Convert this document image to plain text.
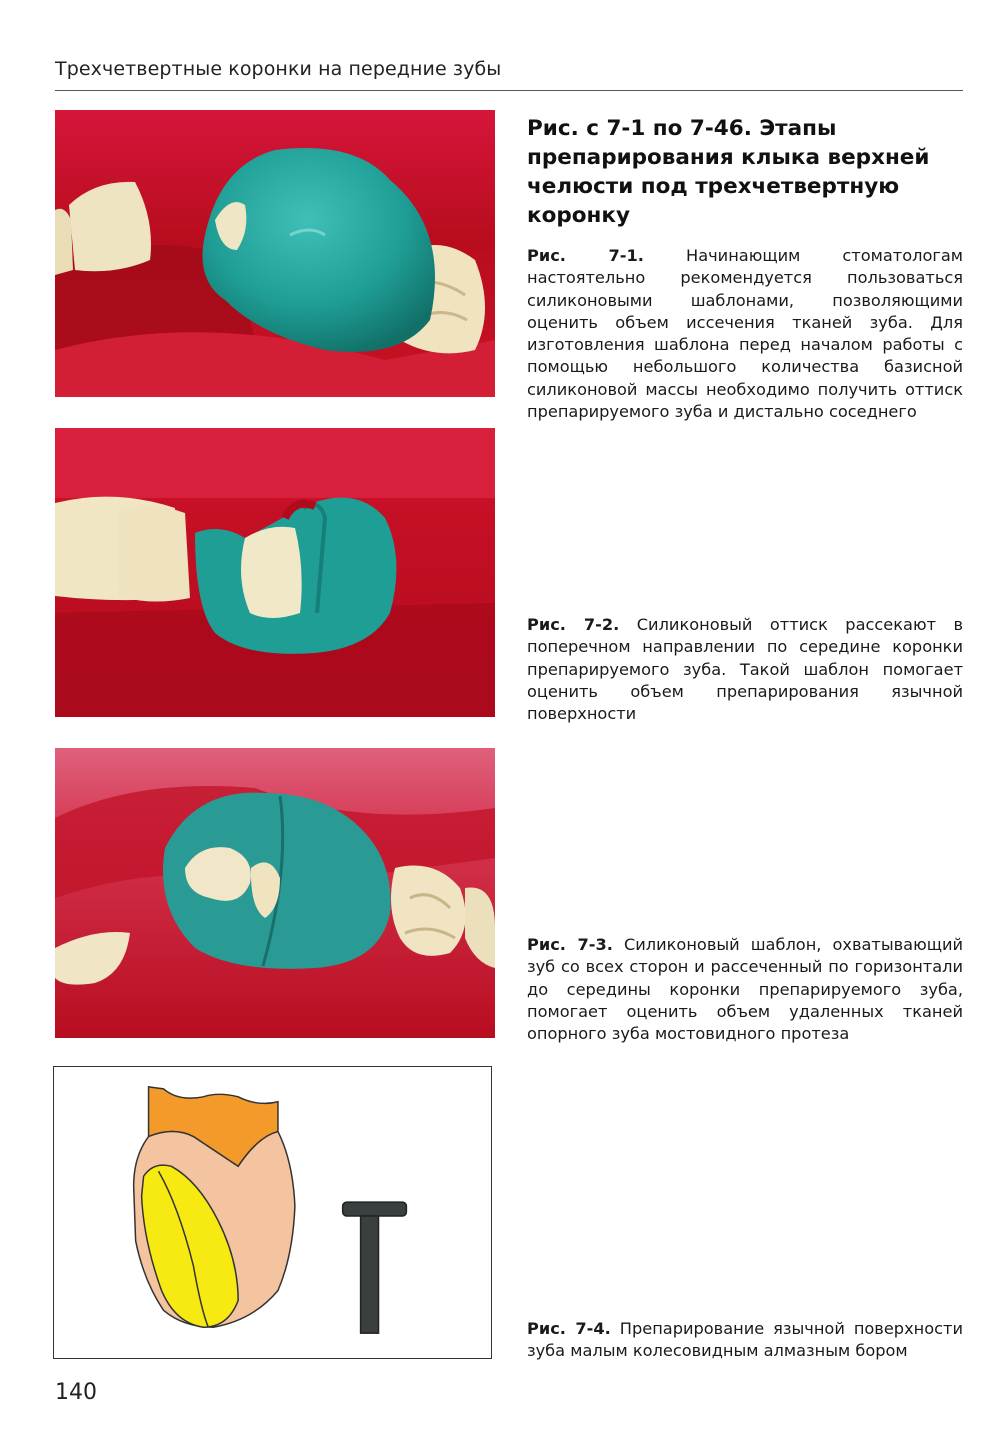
Трехчетвертные коронки на передние зубы
Рис. с 7-1 по 7-46. Этапы препарирования клыка верхней челюсти под трехчетвертную коронку
Рис. 7-1.	Начинающим стоматологам настоятельно рекомендуется пользоваться силиконовыми шаблонами, позволяющими оценить объем иссечения тканей зуба. Для изготовления шаблона перед началом работы с помощью небольшого количества базисной силиконовой массы необходимо получить оттиск препарируемого зуба и дистально соседнего
Рис. 7-2. Силиконовый оттиск рассекают в поперечном направлении по середине коронки препарируемого зуба. Такой шаблон помогает оценить объем препарирования язычной поверхности
Рис. 7-3. Силиконовый шаблон, охватывающий зуб со всех сторон и рассеченный по горизонтали до середины коронки препарируемого зуба, помогает оценить объем удаленных тканей опорного зуба мостовидного протеза
Рис. 7-4. Препарирование язычной поверхности зуба малым колесовидным алмазным бором
140
